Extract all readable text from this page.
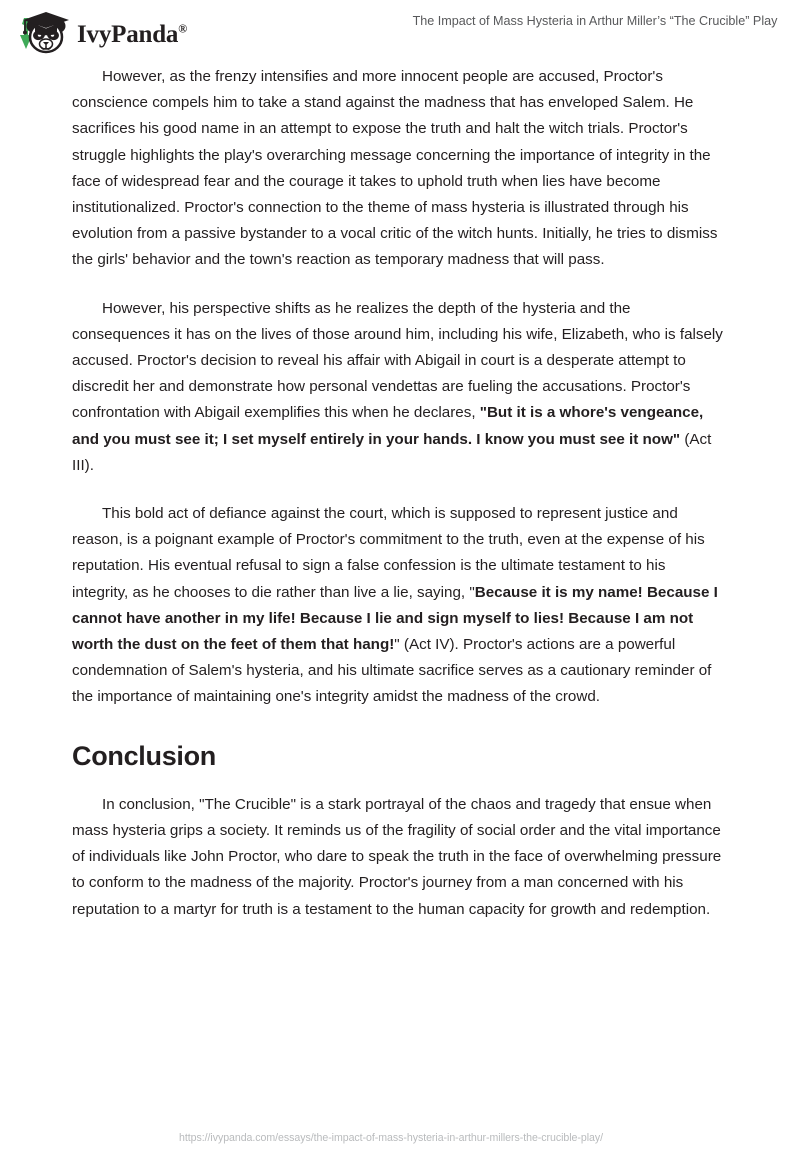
IvyPanda®
The Impact of Mass Hysteria in Arthur Miller’s “The Crucible” Play

However, as the frenzy intensifies and more innocent people are accused, Proctor's conscience compels him to take a stand against the madness that has enveloped Salem. He sacrifices his good name in an attempt to expose the truth and halt the witch trials. Proctor's struggle highlights the play's overarching message concerning the importance of integrity in the face of widespread fear and the courage it takes to uphold truth when lies have become institutionalized. Proctor's connection to the theme of mass hysteria is illustrated through his evolution from a passive bystander to a vocal critic of the witch hunts. Initially, he tries to dismiss the girls' behavior and the town's reaction as temporary madness that will pass.

However, his perspective shifts as he realizes the depth of the hysteria and the consequences it has on the lives of those around him, including his wife, Elizabeth, who is falsely accused. Proctor's decision to reveal his affair with Abigail in court is a desperate attempt to discredit her and demonstrate how personal vendettas are fueling the accusations. Proctor's confrontation with Abigail exemplifies this when he declares, "But it is a whore's vengeance, and you must see it; I set myself entirely in your hands. I know you must see it now" (Act III).

This bold act of defiance against the court, which is supposed to represent justice and reason, is a poignant example of Proctor's commitment to the truth, even at the expense of his reputation. His eventual refusal to sign a false confession is the ultimate testament to his integrity, as he chooses to die rather than live a lie, saying, "Because it is my name! Because I cannot have another in my life! Because I lie and sign myself to lies! Because I am not worth the dust on the feet of them that hang!" (Act IV). Proctor's actions are a powerful condemnation of Salem's hysteria, and his ultimate sacrifice serves as a cautionary reminder of the importance of maintaining one's integrity amidst the madness of the crowd.

Conclusion

In conclusion, "The Crucible" is a stark portrayal of the chaos and tragedy that ensue when mass hysteria grips a society. It reminds us of the fragility of social order and the vital importance of individuals like John Proctor, who dare to speak the truth in the face of overwhelming pressure to conform to the madness of the majority. Proctor's journey from a man concerned with his reputation to a martyr for truth is a testament to the human capacity for growth and redemption.

https://ivypanda.com/essays/the-impact-of-mass-hysteria-in-arthur-millers-the-crucible-play/
